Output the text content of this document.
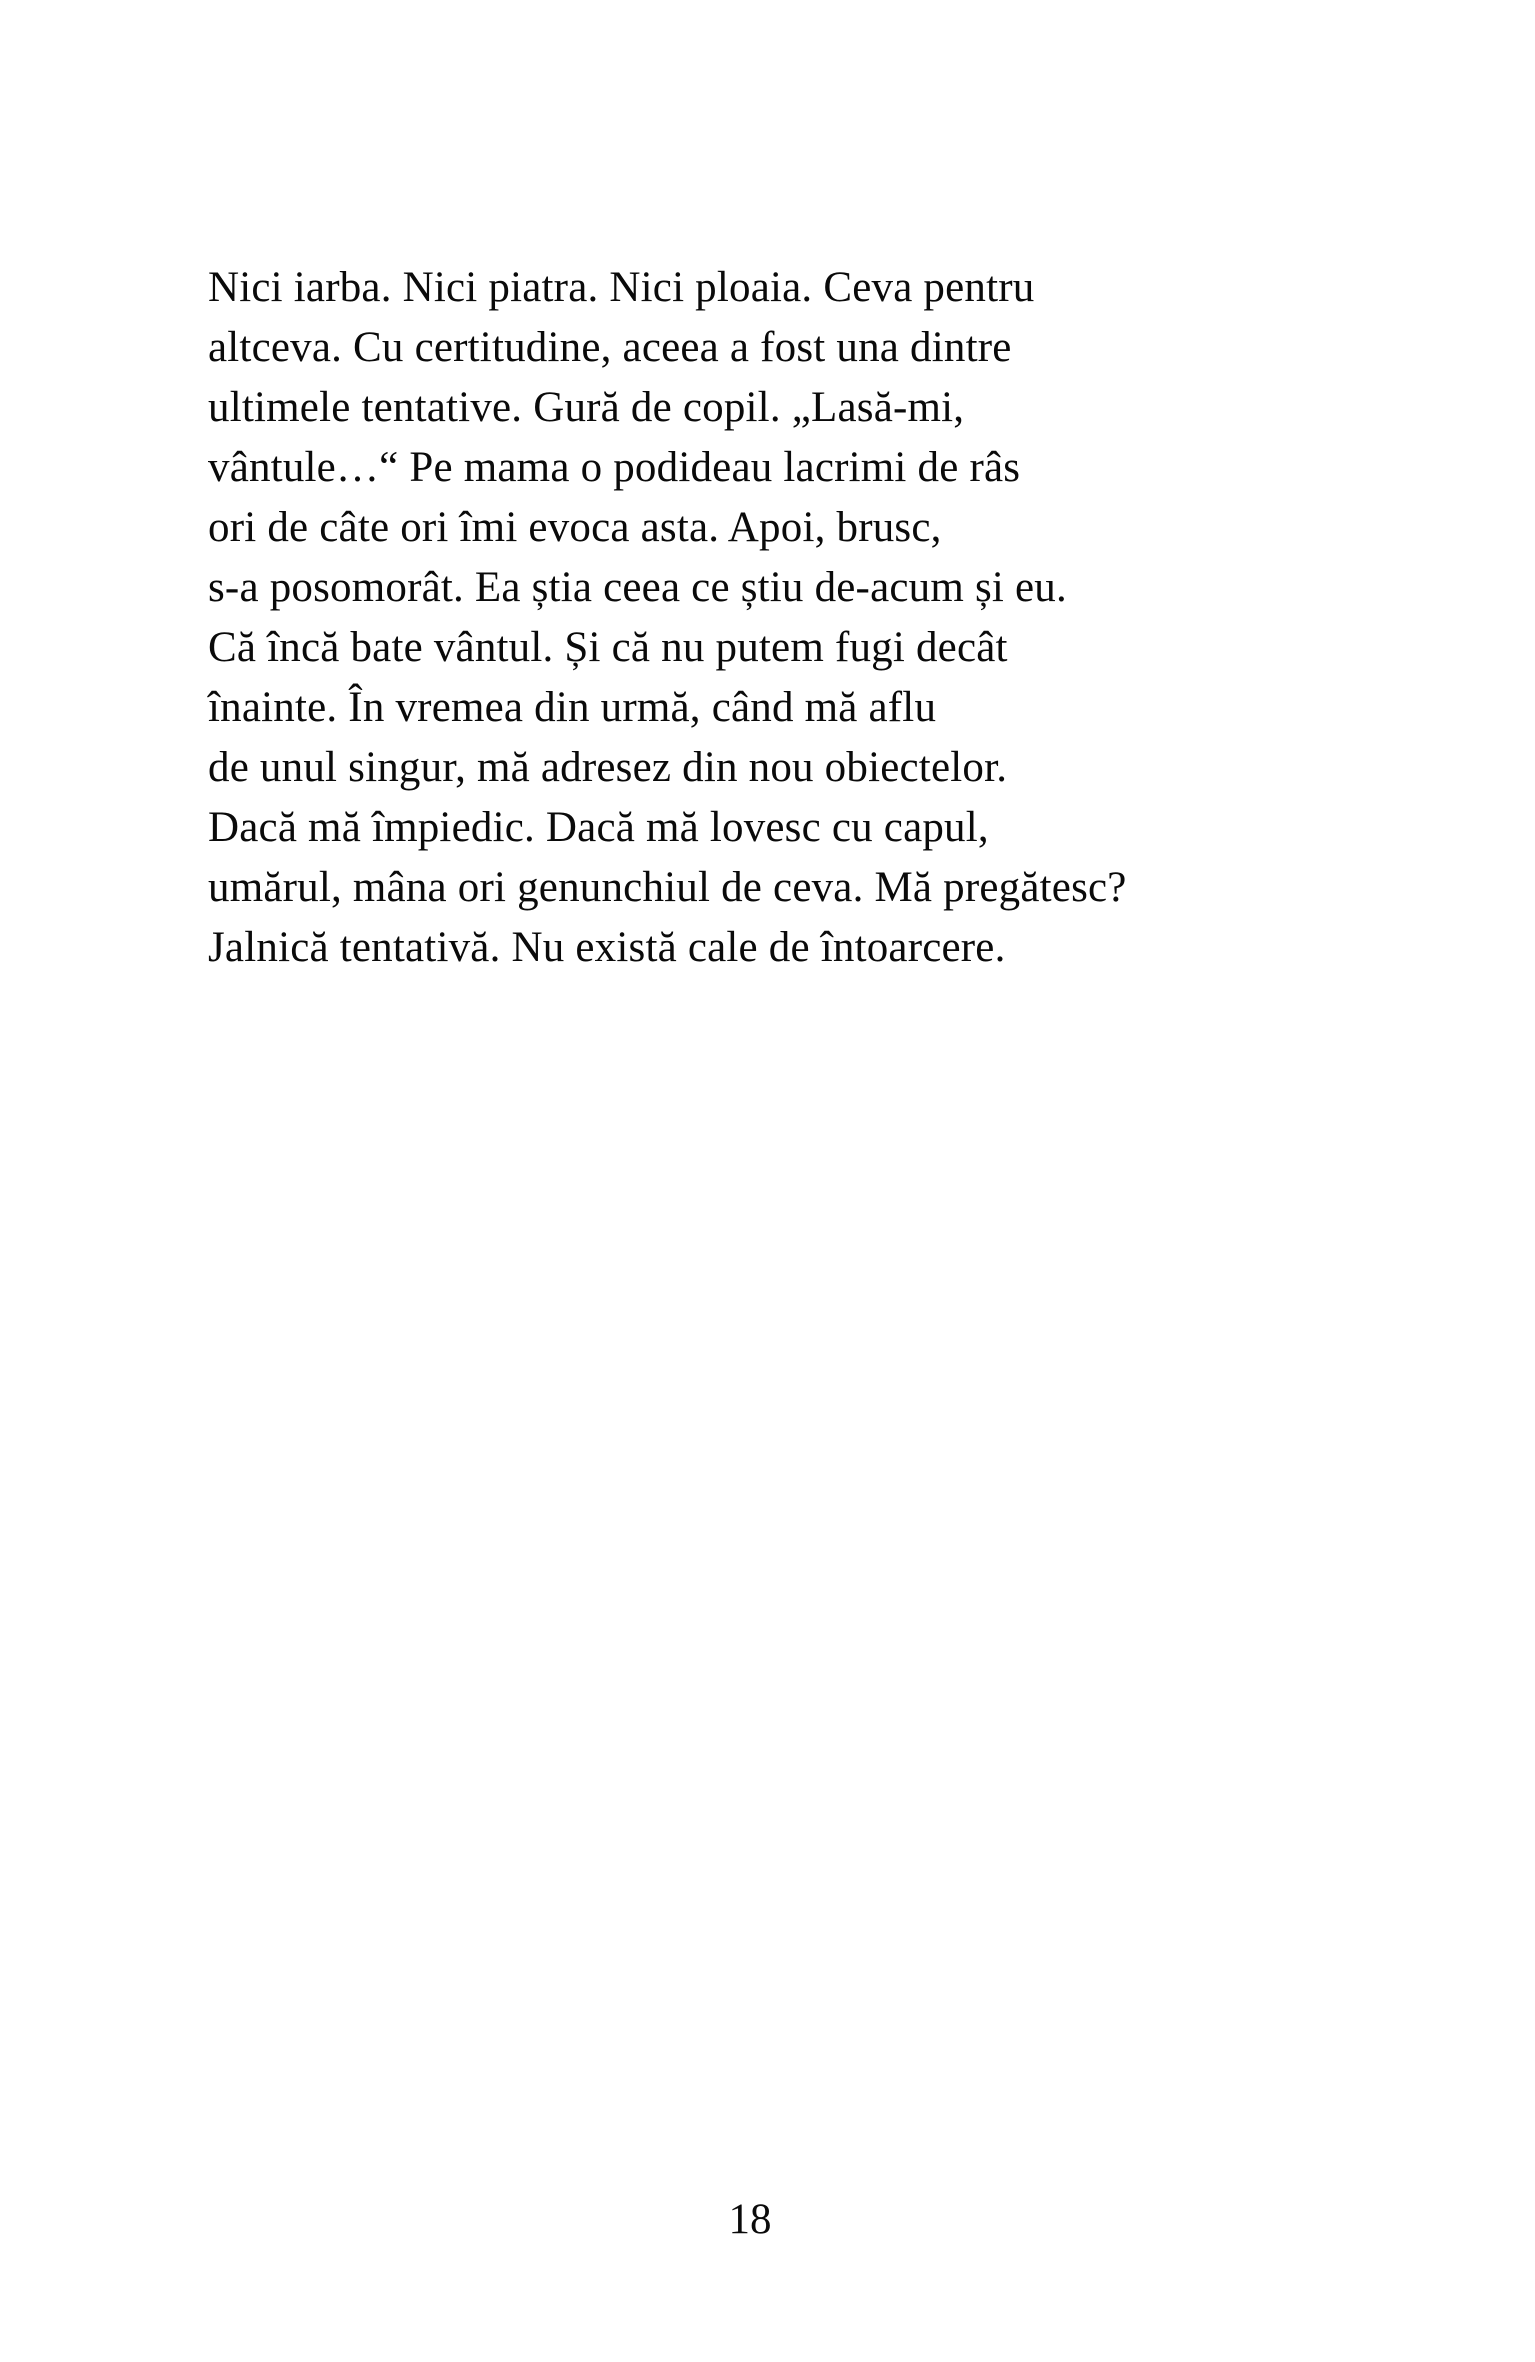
Nici iarba. Nici piatra. Nici ploaia. Ceva pentru
altceva. Cu certitudine, aceea a fost una dintre
ultimele tentative. Gură de copil. „Lasă-mi,
vântule…“ Pe mama o podideau lacrimi de râs
ori de câte ori îmi evoca asta. Apoi, brusc,
s-a posomorât. Ea știa ceea ce știu de-acum și eu.
Că încă bate vântul. Și că nu putem fugi decât
înainte. În vremea din urmă, când mă aflu
de unul singur, mă adresez din nou obiectelor.
Dacă mă împiedic. Dacă mă lovesc cu capul,
umărul, mâna ori genunchiul de ceva. Mă pregătesc?
Jalnică tentativă. Nu există cale de întoarcere.
18
